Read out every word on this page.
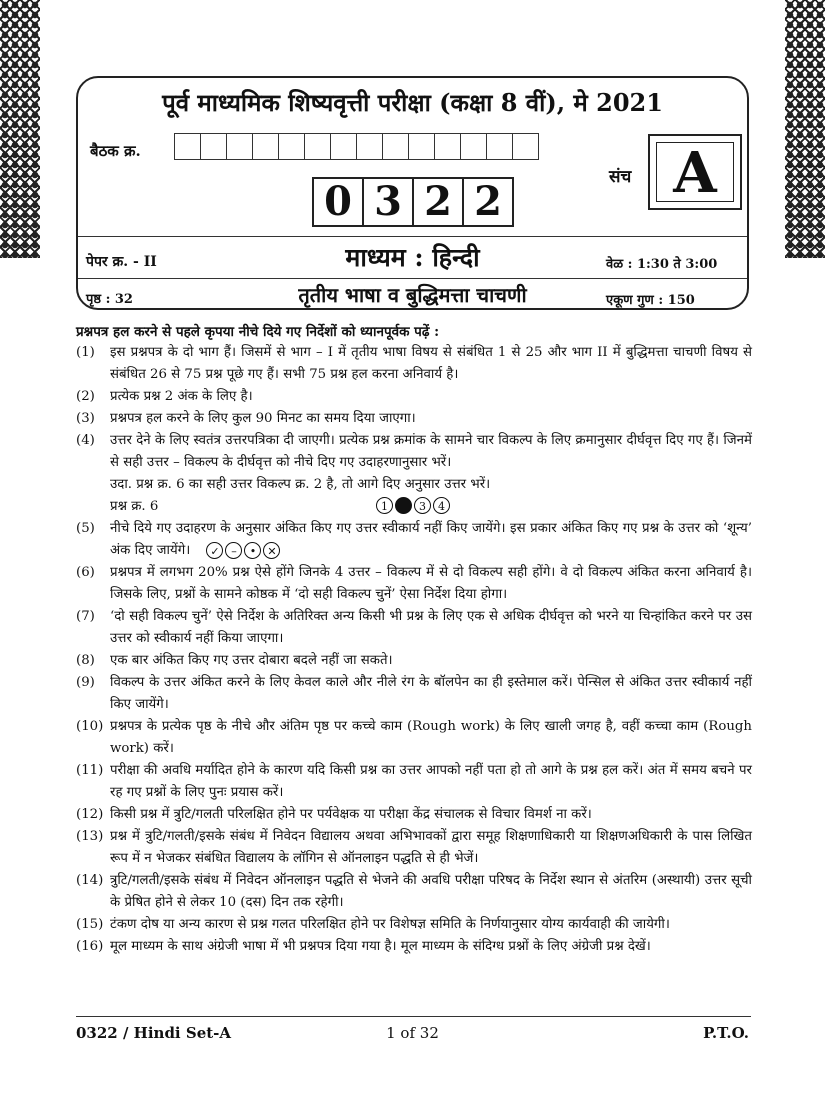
पूर्व माध्यमिक शिष्यवृत्ती परीक्षा (कक्षा 8 वीं), मे 2021
बैठक क्र.
0 3 2 2
संच A
पेपर क्र. - II	माध्यम : हिन्दी	वेळ : 1:30 ते 3:00
पृष्ठ : 32	तृतीय भाषा व बुद्धिमत्ता चाचणी	एकूण गुण : 150
प्रश्नपत्र हल करने से पहले कृपया नीचे दिये गए निर्देशों को ध्यानपूर्वक पढ़ें :
(1)	इस प्रश्नपत्र के दो भाग हैं। जिसमें से भाग – I में तृतीय भाषा विषय से संबंधित 1 से 25 और भाग II में बुद्धिमत्ता चाचणी विषय से संबंधित 26 से 75 प्रश्न पूछे गए हैं। सभी 75 प्रश्न हल करना अनिवार्य है।
(2)	प्रत्येक प्रश्न 2 अंक के लिए है।
(3)	प्रश्नपत्र हल करने के लिए कुल 90 मिनट का समय दिया जाएगा।
(4)	उत्तर देने के लिए स्वतंत्र उत्तरपत्रिका दी जाएगी। प्रत्येक प्रश्न क्रमांक के सामने चार विकल्प के लिए क्रमानुसार दीर्घवृत्त दिए गए हैं। जिनमें से सही उत्तर – विकल्प के दीर्घवृत्त को नीचे दिए गए उदाहरणानुसार भरें।
उदा. प्रश्न क्र. 6 का सही उत्तर विकल्प क्र. 2 है, तो आगे दिए अनुसार उत्तर भरें।
प्रश्न क्र. 6	1	3	4
(5)	नीचे दिये गए उदाहरण के अनुसार अंकित किए गए उत्तर स्वीकार्य नहीं किए जायेंगे। इस प्रकार अंकित किए गए प्रश्न के उत्तर को ‘शून्य’ अंक दिए जायेंगे।	✓	–	•	✕
(6)	प्रश्नपत्र में लगभग 20% प्रश्न ऐसे होंगे जिनके 4 उत्तर – विकल्प में से दो विकल्प सही होंगे। वे दो विकल्प अंकित करना अनिवार्य है। जिसके लिए, प्रश्नों के सामने कोष्ठक में ‘दो सही विकल्प चुनें’ ऐसा निर्देश दिया होगा।
(7)	‘दो सही विकल्प चुनें’ ऐसे निर्देश के अतिरिक्त अन्य किसी भी प्रश्न के लिए एक से अधिक दीर्घवृत्त को भरने या चिन्हांकित करने पर उस उत्तर को स्वीकार्य नहीं किया जाएगा।
(8)	एक बार अंकित किए गए उत्तर दोबारा बदले नहीं जा सकते।
(9)	विकल्प के उत्तर अंकित करने के लिए केवल काले और नीले रंग के बॉलपेन का ही इस्तेमाल करें। पेन्सिल से अंकित उत्तर स्वीकार्य नहीं किए जायेंगे।
(10) प्रश्नपत्र के प्रत्येक पृष्ठ के नीचे और अंतिम पृष्ठ पर कच्चे काम (Rough work) के लिए खाली जगह है, वहीं कच्चा काम (Rough work) करें।
(11) परीक्षा की अवधि मर्यादित होने के कारण यदि किसी प्रश्न का उत्तर आपको नहीं पता हो तो आगे के प्रश्न हल करें। अंत में समय बचने पर रह गए प्रश्नों के लिए पुनः प्रयास करें।
(12) किसी प्रश्न में त्रुटि/गलती परिलक्षित होने पर पर्यवेक्षक या परीक्षा केंद्र संचालक से विचार विमर्श ना करें।
(13) प्रश्न में त्रुटि/गलती/इसके संबंध में निवेदन विद्यालय अथवा अभिभावकों द्वारा समूह शिक्षणाधिकारी या शिक्षणअधिकारी के पास लिखित रूप में न भेजकर संबंधित विद्यालय के लॉगिन से ऑनलाइन पद्धति से ही भेजें।
(14) त्रुटि/गलती/इसके संबंध में निवेदन ऑनलाइन पद्धति से भेजने की अवधि परीक्षा परिषद के निर्देश स्थान से अंतरिम (अस्थायी) उत्तर सूची के प्रेषित होने से लेकर 10 (दस) दिन तक रहेगी।
(15) टंकण दोष या अन्य कारण से प्रश्न गलत परिलक्षित होने पर विशेषज्ञ समिति के निर्णयानुसार योग्य कार्यवाही की जायेगी।
(16) मूल माध्यम के साथ अंग्रेजी भाषा में भी प्रश्नपत्र दिया गया है। मूल माध्यम के संदिग्ध प्रश्नों के लिए अंग्रेजी प्रश्न देखें।
0322 / Hindi Set-A	1 of 32	P.T.O.
